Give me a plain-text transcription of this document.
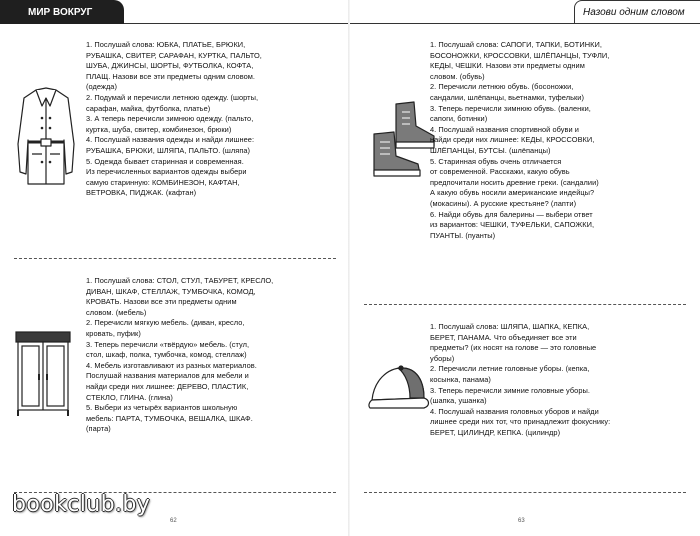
МИР ВОКРУГ

1. Послушай слова: ЮБКА, ПЛАТЬЕ, БРЮКИ,

РУБАШКА, СВИТЕР, САРАФАН, КУРТКА, ПАЛЬТО,

ШУБА, ДЖИНСЫ, ШОРТЫ, ФУТБОЛКА, КОФТА,

ПЛАЩ. Назови все эти предметы одним словом.

(одежда)

2. Подумай и перечисли летнюю одежду. (шорты,

сарафан, майка, футболка, платье)

3. А теперь перечисли зимнюю одежду. (пальто,

куртка, шуба, свитер, комбинезон, брюки)

4. Послушай названия одежды и найди лишнее:

РУБАШКА, БРЮКИ, ШЛЯПА, ПАЛЬТО. (шляпа)

5. Одежда бывает старинная и современная.

Из перечисленных вариантов одежды выбери

самую старинную: КОМБИНЕЗОН, КАФТАН,

ВЕТРОВКА, ПИДЖАК. (кафтан)

1. Послушай слова: СТОЛ, СТУЛ, ТАБУРЕТ, КРЕСЛО,

ДИВАН, ШКАФ, СТЕЛЛАЖ, ТУМБОЧКА, КОМОД,

КРОВАТЬ. Назови все эти предметы одним

словом. (мебель)

2. Перечисли мягкую мебель. (диван, кресло,

кровать, пуфик)

3. Теперь перечисли «твёрдую» мебель. (стул,

стол, шкаф, полка, тумбочка, комод, стеллаж)

4. Мебель изготавливают из разных материалов.

Послушай названия материалов для мебели и

найди среди них лишнее: ДЕРЕВО, ПЛАСТИК,

СТЕКЛО, ГЛИНА. (глина)

5. Выбери из четырёх вариантов школьную

мебель: ПАРТА, ТУМБОЧКА, ВЕШАЛКА, ШКАФ.

(парта)

62
Назови одним словом

1. Послушай слова: САПОГИ, ТАПКИ, БОТИНКИ,

БОСОНОЖКИ, КРОССОВКИ, ШЛЁПАНЦЫ, ТУФЛИ,

КЕДЫ, ЧЕШКИ. Назови эти предметы одним

словом. (обувь)

2. Перечисли летнюю обувь. (босоножки,

сандалии, шлёпанцы, вьетнамки, туфельки)

3. Теперь перечисли зимнюю обувь. (валенки,

сапоги, ботинки)

4. Послушай названия спортивной обуви и

найди среди них лишнее: КЕДЫ, КРОССОВКИ,

ШЛЁПАНЦЫ, БУТСЫ. (шлёпанцы)

5. Старинная обувь очень отличается

от современной. Расскажи, какую обувь

предпочитали носить древние греки. (сандалии)

А какую обувь носили американские индейцы?

(мокасины). А русские крестьяне? (лапти)

6. Найди обувь для балерины — выбери ответ

из вариантов: ЧЕШКИ, ТУФЕЛЬКИ, САПОЖКИ,

ПУАНТЫ. (пуанты)

1. Послушай слова: ШЛЯПА, ШАПКА, КЕПКА,

БЕРЕТ, ПАНАМА. Что объединяет все эти

предметы? (их носят на голове — это головные

уборы)

2. Перечисли летние головные уборы. (кепка,

косынка, панама)

3. Теперь перечисли зимние головные уборы.

(шапка, ушанка)

4. Послушай названия головных уборов и найди

лишнее среди них тот, что принадлежит фокуснику:

БЕРЕТ, ЦИЛИНДР, КЕПКА. (цилиндр)

63
bookclub.by
